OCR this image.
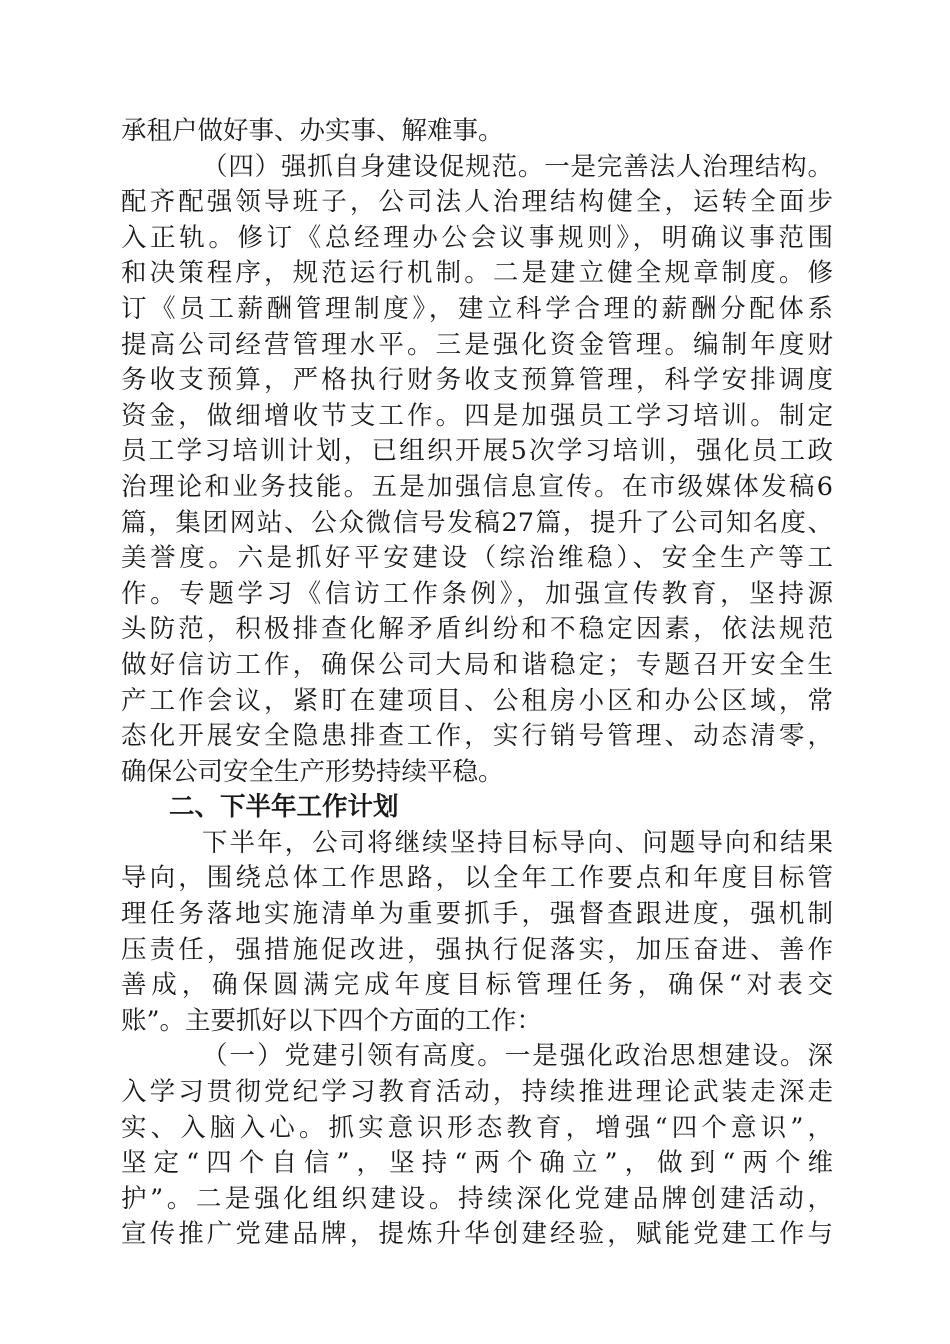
承租户做好事、办实事、解难事。
（四）强抓自身建设促规范。一是完善法人治理结构。
配齐配强领导班子，公司法人治理结构健全，运转全面步
入正轨。修订《总经理办公会议事规则》，明确议事范围
和决策程序，规范运行机制。二是建立健全规章制度。修
订《员工薪酬管理制度》，建立科学合理的薪酬分配体系
提高公司经营管理水平。三是强化资金管理。编制年度财
务收支预算，严格执行财务收支预算管理，科学安排调度
资金，做细增收节支工作。四是加强员工学习培训。制定
员工学习培训计划，已组织开展5次学习培训，强化员工政
治理论和业务技能。五是加强信息宣传。在市级媒体发稿6
篇，集团网站、公众微信号发稿27篇，提升了公司知名度、
美誉度。六是抓好平安建设（综治维稳）、安全生产等工
作。专题学习《信访工作条例》，加强宣传教育，坚持源
头防范，积极排查化解矛盾纠纷和不稳定因素，依法规范
做好信访工作，确保公司大局和谐稳定；专题召开安全生
产工作会议，紧盯在建项目、公租房小区和办公区域，常
态化开展安全隐患排查工作，实行销号管理、动态清零，
确保公司安全生产形势持续平稳。
二、下半年工作计划
下半年，公司将继续坚持目标导向、问题导向和结果
导向，围绕总体工作思路，以全年工作要点和年度目标管
理任务落地实施清单为重要抓手，强督查跟进度，强机制
压责任，强措施促改进，强执行促落实，加压奋进、善作
善成，确保圆满完成年度目标管理任务，确保“对表交
账”。主要抓好以下四个方面的工作：
（一）党建引领有高度。一是强化政治思想建设。深
入学习贯彻党纪学习教育活动，持续推进理论武装走深走
实、入脑入心。抓实意识形态教育，增强“四个意识”，
坚定“四个自信”，坚持“两个确立”，做到“两个维
护”。二是强化组织建设。持续深化党建品牌创建活动，
宣传推广党建品牌，提炼升华创建经验，赋能党建工作与
